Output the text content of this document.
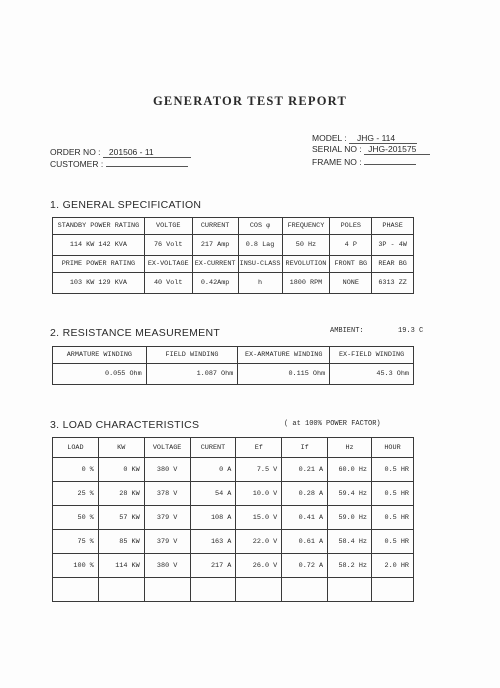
GENERATOR TEST REPORT
ORDER NO : 201506 - 11
CUSTOMER :
MODEL : JHG - 114
SERIAL NO : JHG-201575
FRAME NO :
1. GENERAL SPECIFICATION
STANDBY POWER RATING	VOLTGE	CURRENT	COS φ	FREQUENCY	POLES	PHASE
114 KW 142 KVA	76 Volt	217 Amp	0.8 Lag	50 Hz	4 P	3P - 4W
PRIME POWER RATING	EX-VOLTAGE	EX-CURRENT	INSU-CLASS	REVOLUTION	FRONT BG	REAR BG
103 KW 129 KVA	40 Volt	0.42Amp	h	1800 RPM	NONE	6313 ZZ
2. RESISTANCE MEASUREMENT	AMBIENT:	19.3 C
ARMATURE WINDING	FIELD WINDING	EX-ARMATURE WINDING	EX-FIELD WINDING
0.055 Ohm	1.087 Ohm	0.115 Ohm	45.3 Ohm
3. LOAD CHARACTERISTICS	( at 100% POWER FACTOR)
LOAD	KW	VOLTAGE	CURENT	Ef	If	Hz	HOUR
0 %	0 KW	380 V	0 A	7.5 V	0.21 A	60.0 Hz	0.5 HR
25 %	28 KW	378 V	54 A	10.0 V	0.28 A	59.4 Hz	0.5 HR
50 %	57 KW	379 V	108 A	15.0 V	0.41 A	59.0 Hz	0.5 HR
75 %	85 KW	379 V	163 A	22.0 V	0.61 A	58.4 Hz	0.5 HR
100 %	114 KW	380 V	217 A	26.0 V	0.72 A	58.2 Hz	2.0 HR
